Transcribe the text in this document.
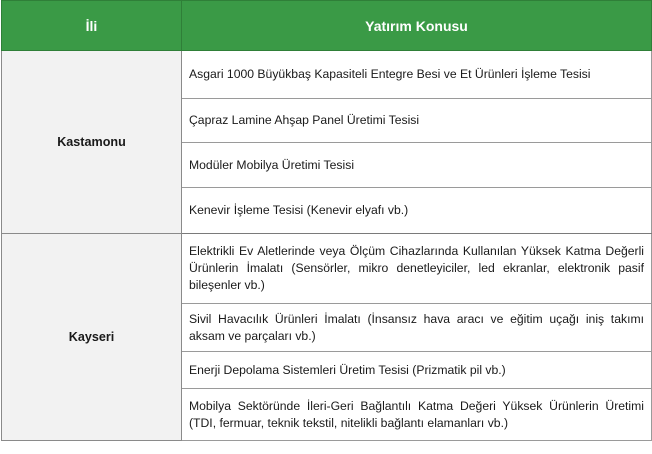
İli	Yatırım Konusu
Kastamonu	Asgari 1000 Büyükbaş Kapasiteli Entegre Besi ve Et Ürünleri İşleme Tesisi
	Çapraz Lamine Ahşap Panel Üretimi Tesisi
	Modüler Mobilya Üretimi Tesisi
	Kenevir İşleme Tesisi (Kenevir elyafı vb.)
Kayseri	Elektrikli Ev Aletlerinde veya Ölçüm Cihazlarında Kullanılan Yüksek Katma Değerli Ürünlerin İmalatı (Sensörler, mikro denetleyiciler, led ekranlar, elektronik pasif bileşenler vb.)
	Sivil Havacılık Ürünleri İmalatı (İnsansız hava aracı ve eğitim uçağı iniş takımı aksam ve parçaları vb.)
	Enerji Depolama Sistemleri Üretim Tesisi (Prizmatik pil vb.)
	Mobilya Sektöründe İleri-Geri Bağlantılı Katma Değeri Yüksek Ürünlerin Üretimi (TDI, fermuar, teknik tekstil, nitelikli bağlantı elamanları vb.)
